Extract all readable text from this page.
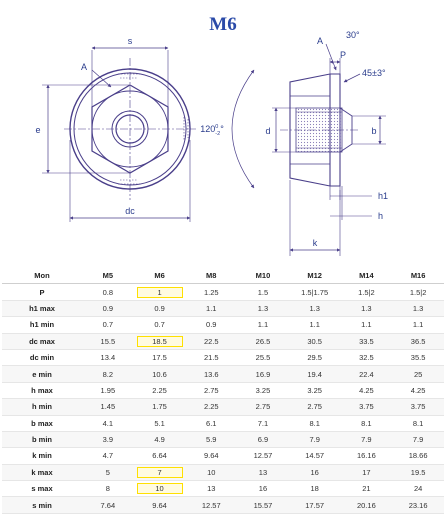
M6
s
A
e
dc
$120^0$ -2°
A
30°
P
45±3°
d	b
h1
h
k
Mon	M5	M6	M8	M10	M12	M14	M16
P	0.8	1	1.25	1.5	1.5|1.75	1.5|2	1.5|2
h1 max	0.9	0.9	1.1	1.3	1.3	1.3	1.3
h1 min	0.7	0.7	0.9	1.1	1.1	1.1	1.1
dc max	15.5	18.5	22.5	26.5	30.5	33.5	36.5
dc min	13.4	17.5	21.5	25.5	29.5	32.5	35.5
e min	8.2	10.6	13.6	16.9	19.4	22.4	25
h max	1.95	2.25	2.75	3.25	3.25	4.25	4.25
h min	1.45	1.75	2.25	2.75	2.75	3.75	3.75
b max	4.1	5.1	6.1	7.1	8.1	8.1	8.1
b min	3.9	4.9	5.9	6.9	7.9	7.9	7.9
k min	4.7	6.64	9.64	12.57	14.57	16.16	18.66
k max	5	7	10	13	16	17	19.5
s max	8	10	13	16	18	21	24
s min	7.64	9.64	12.57	15.57	17.57	20.16	23.16
